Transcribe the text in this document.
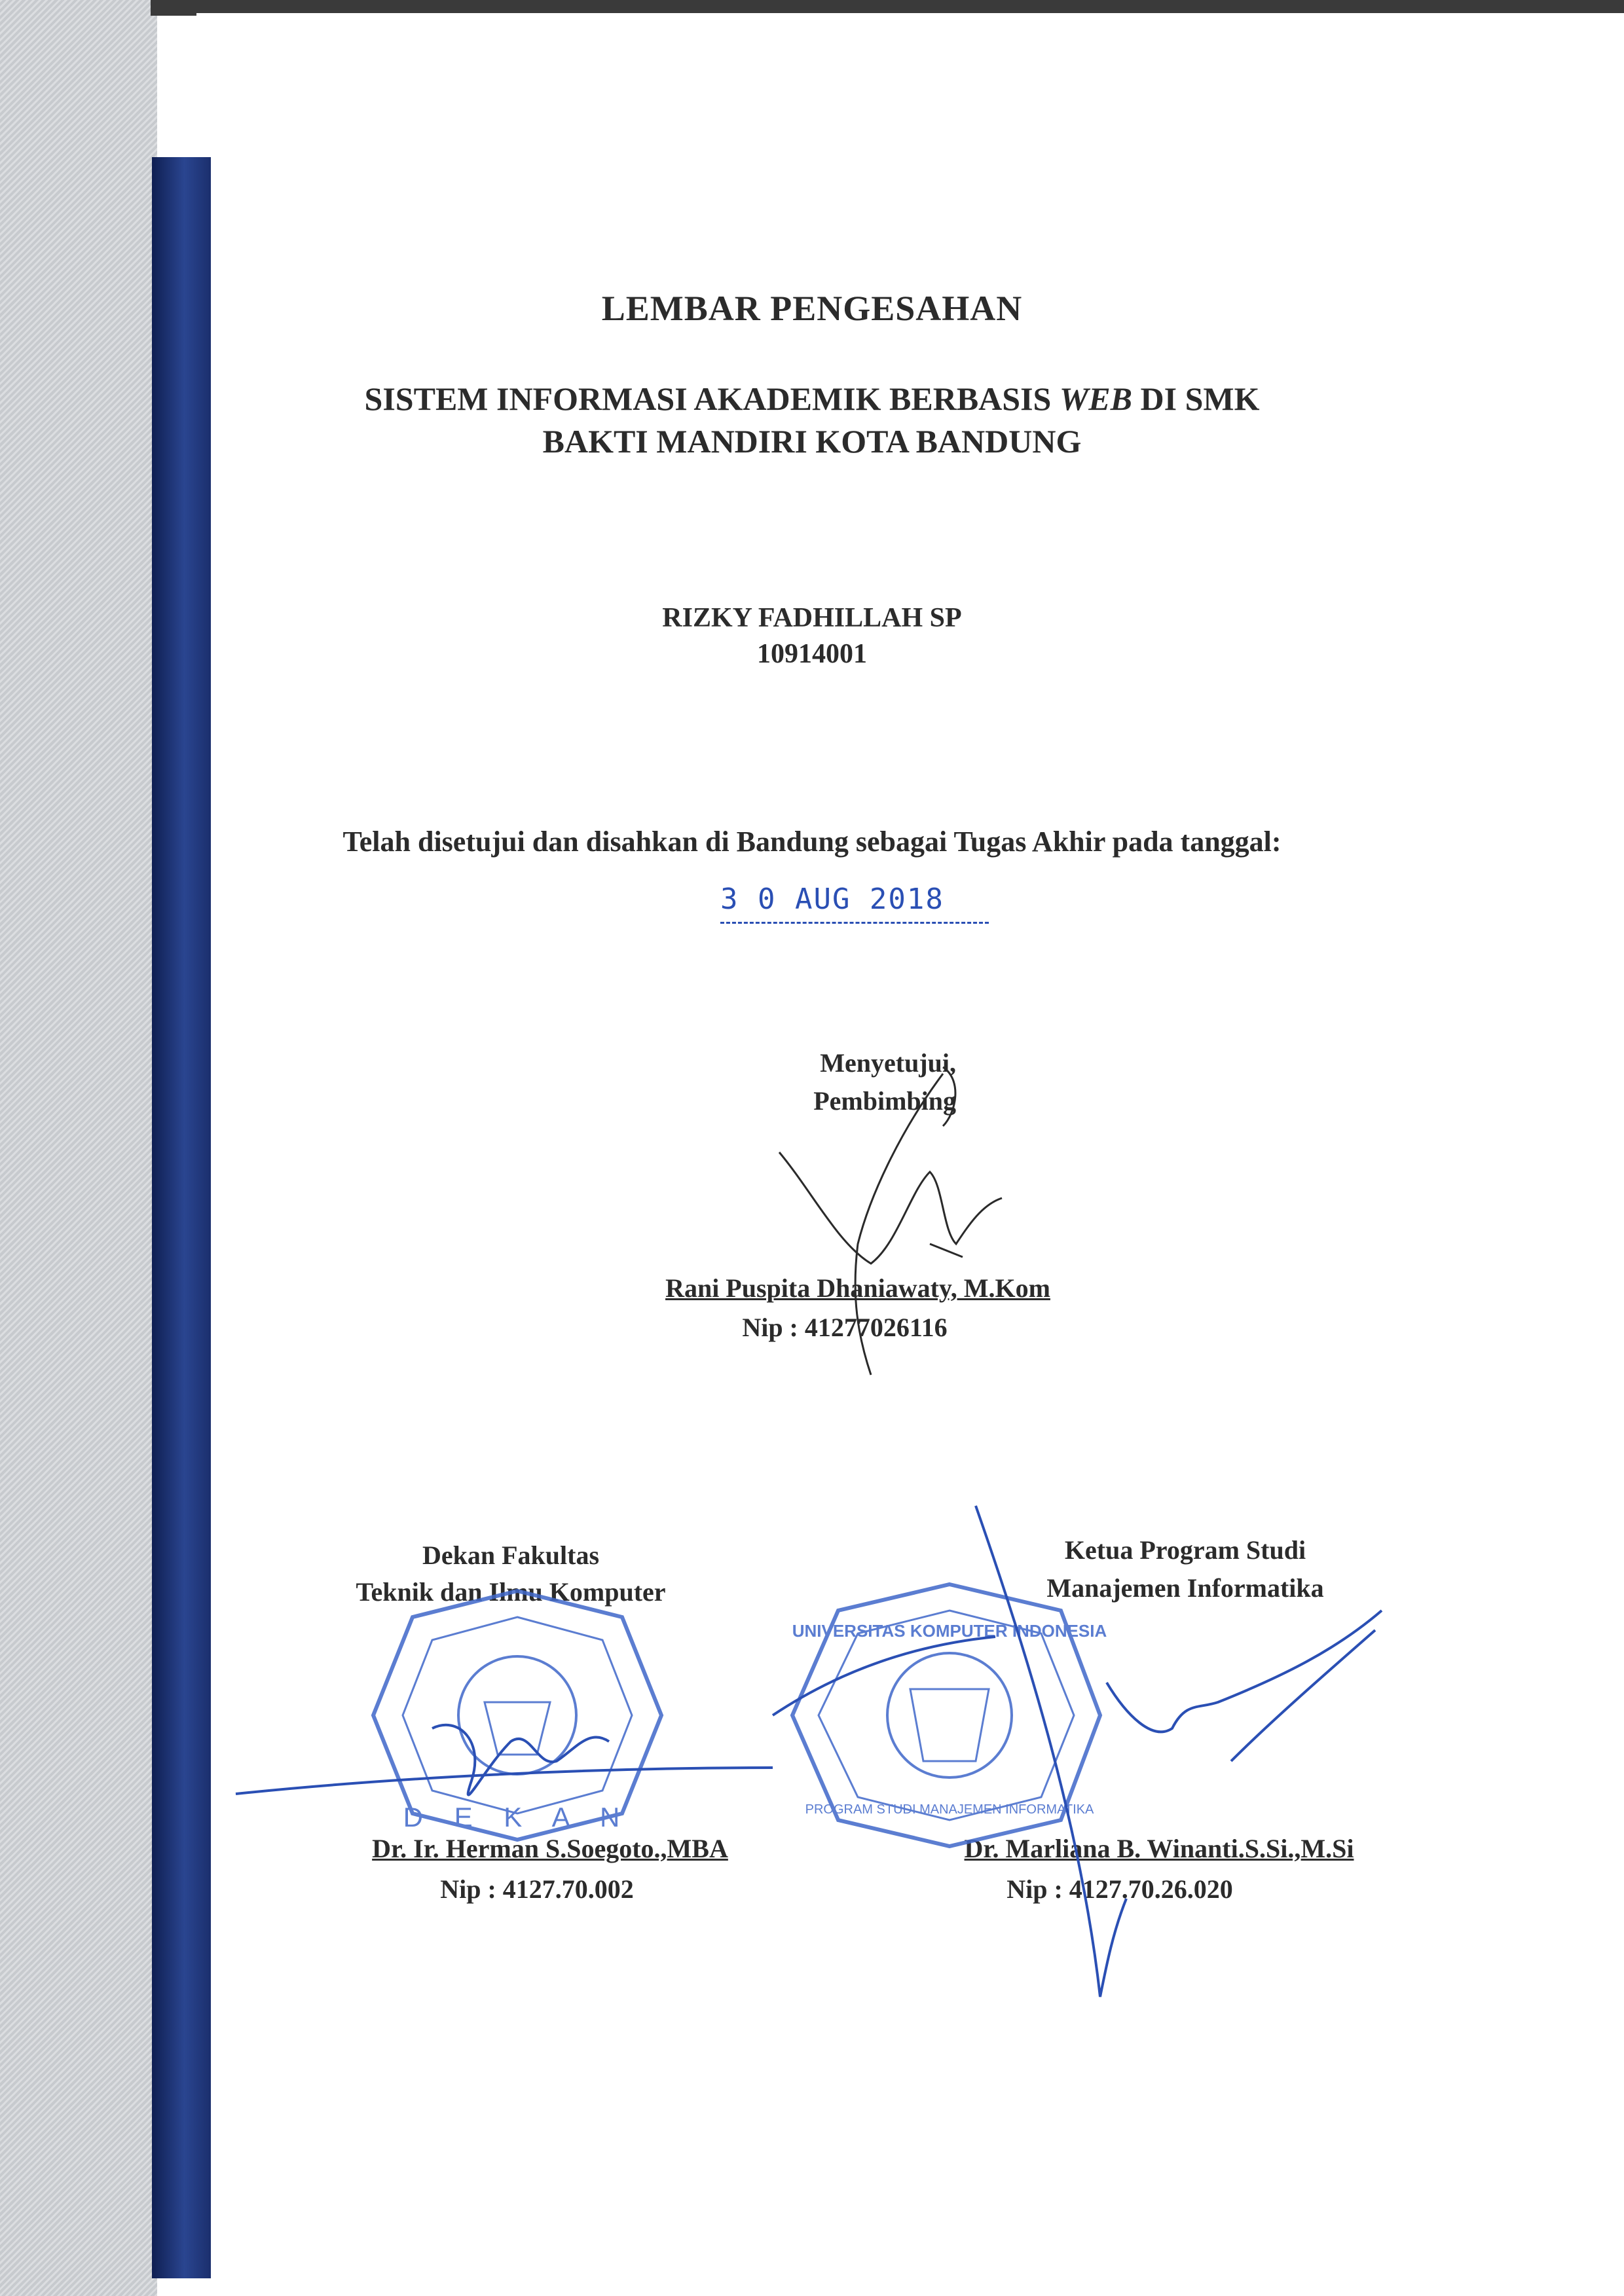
LEMBAR PENGESAHAN
SISTEM INFORMASI AKADEMIK BERBASIS WEB DI SMK
BAKTI MANDIRI KOTA BANDUNG
RIZKY FADHILLAH SP
10914001
Telah disetujui dan disahkan di Bandung sebagai Tugas Akhir pada tanggal:
3 0 AUG 2018
Menyetujui,
Pembimbing
Rani Puspita Dhaniawaty, M.Kom
Nip : 41277026116
Dekan Fakultas
Teknik dan Ilmu Komputer
Dr. Ir. Herman S.Soegoto.,MBA
Nip : 4127.70.002
Ketua Program Studi
Manajemen Informatika
Dr. Marliana B. Winanti.S.Si.,M.Si
Nip : 4127.70.26.020
D E K A N
UNIVERSITAS KOMPUTER INDONESIA
PROGRAM STUDI MANAJEMEN INFORMATIKA
